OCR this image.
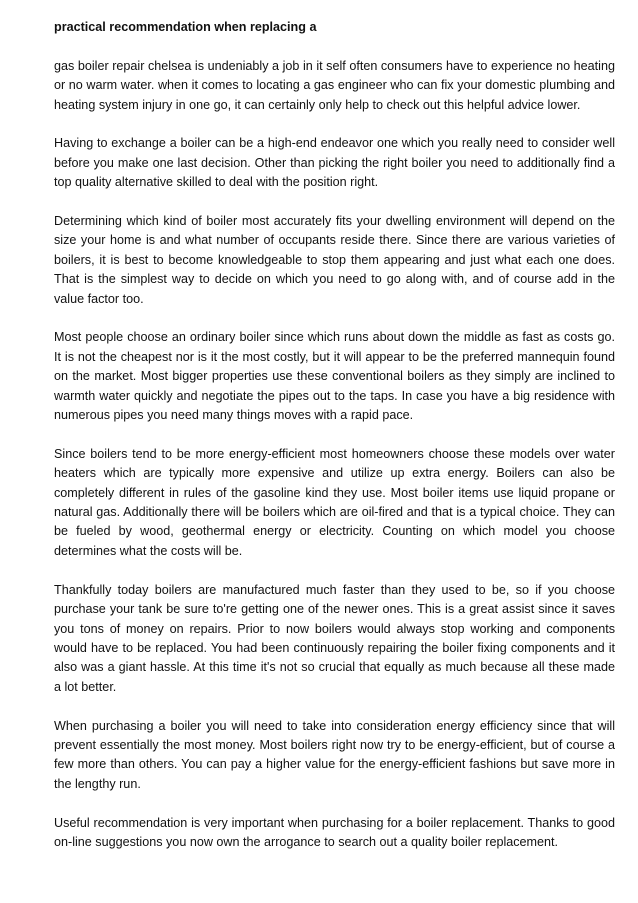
practical recommendation when replacing a

gas boiler repair chelsea is undeniably a job in it self often consumers have to experience no heating or no warm water. when it comes to locating a gas engineer who can fix your domestic plumbing and heating system injury in one go, it can certainly only help to check out this helpful advice lower.

Having to exchange a boiler can be a high-end endeavor one which you really need to consider well before you make one last decision. Other than picking the right boiler you need to additionally find a top quality alternative skilled to deal with the position right.

Determining which kind of boiler most accurately fits your dwelling environment will depend on the size your home is and what number of occupants reside there. Since there are various varieties of boilers, it is best to become knowledgeable to stop them appearing and just what each one does. That is the simplest way to decide on which you need to go along with, and of course add in the value factor too.

Most people choose an ordinary boiler since which runs about down the middle as fast as costs go. It is not the cheapest nor is it the most costly, but it will appear to be the preferred mannequin found on the market. Most bigger properties use these conventional boilers as they simply are inclined to warmth water quickly and negotiate the pipes out to the taps. In case you have a big residence with numerous pipes you need many things moves with a rapid pace.

Since boilers tend to be more energy-efficient most homeowners choose these models over water heaters which are typically more expensive and utilize up extra energy. Boilers can also be completely different in rules of the gasoline kind they use. Most boiler items use liquid propane or natural gas. Additionally there will be boilers which are oil-fired and that is a typical choice. They can be fueled by wood, geothermal energy or electricity. Counting on which model you choose determines what the costs will be.

Thankfully today boilers are manufactured much faster than they used to be, so if you choose purchase your tank be sure to're getting one of the newer ones. This is a great assist since it saves you tons of money on repairs. Prior to now boilers would always stop working and components would have to be replaced. You had been continuously repairing the boiler fixing components and it also was a giant hassle. At this time it's not so crucial that equally as much because all these made a lot better.

When purchasing a boiler you will need to take into consideration energy efficiency since that will prevent essentially the most money. Most boilers right now try to be energy-efficient, but of course a few more than others. You can pay a higher value for the energy-efficient fashions but save more in the lengthy run.

Useful recommendation is very important when purchasing for a boiler replacement. Thanks to good on-line suggestions you now own the arrogance to search out a quality boiler replacement.
